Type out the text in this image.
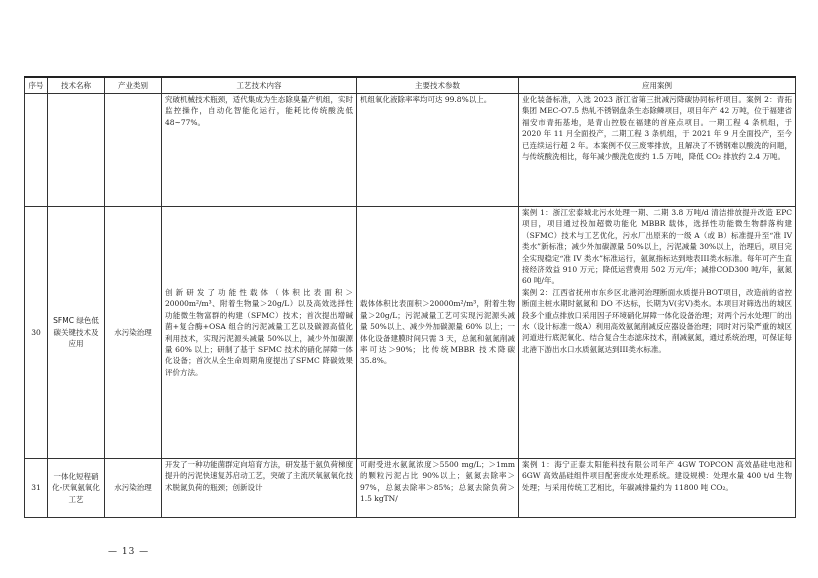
序号	技术名称	产业类别	工艺技术内容	主要技术参数	应用案例
			究破机械技术瓶颈，适代集成为生态除臭量产机组，实时监控操作，自动化智能化运行，能耗比传统酸洗低48~77%。	机组氧化液除率率均可达 99.8%以上。	业化装备标准，入选 2023 浙江省第三批减污降碳协同标杆项目。案例 2：青拓集团 MEC-O7.5 热轧不锈钢盘条生态除鳞项目，项目年产 42 万吨，位于福建省福安市青拓基地，是青山控股在福建的首座点项目。一期工程 4 条机组，于 2020 年 11 月全面投产，二期工程 3 条机组，于 2021 年 9 月全面投产，至今已连续运行超 2 年。本案例不仅三废零排放，且解决了不锈钢难以酸洗的问题，与传统酸洗相比，每年减少酸洗危废约 1.5 万吨，降低 CO₂ 排放约 2.4 万吨。

30	SFMC 绿色低碳关键技术及应用	水污染治理	创新研发了功能性载体（体积比表面积＞20000m²/m³、附着生物量＞20g/L）以及高效选择性功能微生物富群的构建（SFMC）技术；首次提出增碱菌+复合酶+OSA 组合的污泥减量工艺以及碳源高值化利用技术，实现污泥源头减量 50%以上，减少外加碳源量 60% 以上；研制了基于 SFMC 技术的硝化屏障一体化设备；首次从全生命周期角度提出了SFMC 降碳效果评价方法。	载体体积比表面积＞20000m²/m³，附着生物量＞20g/L；污泥减量工艺可实现污泥源头减量 50%以上、减少外加碳源量 60% 以上；一体化设备建膜时间只需 3 天，总氮和氨氮削减率可达＞90%；比传统MBBR 技术降碳 35.8%。	案例 1：浙江宏泰城北污水处理一期、二期 3.8 万吨/d 清洁排放提升改造 EPC 项目，项目通过投加超微功能化 MBBR 载体，选择性功能微生物群落构建（SFMC）技术与工艺优化，污水厂出原来的一级 A（或 B）标准提升至“准 IV 类水”新标准；减少外加碳源量 50%以上，污泥减量 30%以上，治理后，项目完全实现稳定“准 IV 类水”标准运行，氨氮指标达到地表III类水标准。每年可产生直接经济效益 910 万元；降低运营费用 502 万元/年；减排COD300 吨/年，氨氮 60 吨/年。
案例 2：江西省抚州市东乡区北港河治理断面水质提升BOT项目，改造前的省控断面主桩水期时氨氮和 DO 不达标，长期为V(劣V)类水。本项目对筛选出的城区段多个重点排放口采用因子环境硝化屏障一体化设备治理；对两个污水处理厂的出水（设计标准一级A）利用高效氨氮削减反应器设备治理；同时对污染严重的城区河道进行底泥氧化、结合复合生态滤床技术，削减氨氮，通过系统治理，可保证每北港下游出水口水质氨氮达到III类水标准。

31	一体化短程硝化-厌氧氨氧化工艺	水污染治理	开发了一种功能菌群定向培育方法，研发基于氨负荷梯度提升的污泥快速复苏启动工艺，突破了主流厌氧氨氧化技术脱氮负荷的瓶颈；创新设计	可耐受进水氨氮浓度＞5500 mg/L；＞1mm 的颗粒污泥占比 90%以上；氨氮去除率＞97%，总氮去除率＞85%；总氮去除负荷＞1.5 kgTN/	案例 1：海宁正泰太阳能科技有限公司年产 4GW TOPCON 高效晶硅电池和 6GW 高效晶硅组件项目配套废水处理系统。建设规模：处理水量 400 t/d 生物处理；与采用传统工艺相比，年碳减排量约为 11800 吨 CO₂。
— 13 —
